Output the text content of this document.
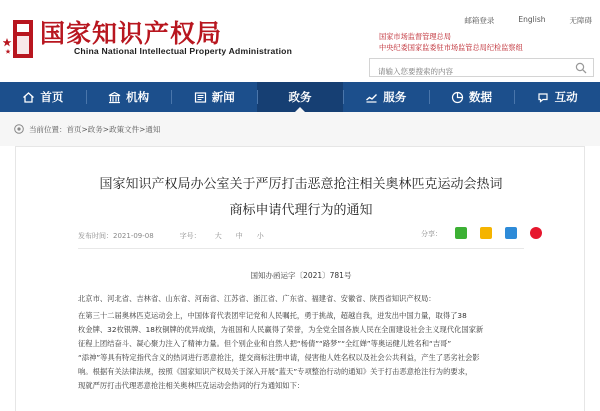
国家知识产权局
China National Intellectual Property Administration
邮箱登录	English	无障碍
国家市场监督管理总局
中央纪委国家监委驻市场监管总局纪检监察组
请输入您要搜索的内容
首页	机构	新闻	政务	服务	数据	互动
当前位置：首页>政务>政策文件>通知
国家知识产权局办公室关于严厉打击恶意抢注相关奥林匹克运动会热词
商标申请代理行为的通知
发布时间：2021-09-08	字号： 大 中 小	分享：
国知办函运字〔2021〕781号
北京市、河北省、吉林省、山东省、河南省、江苏省、浙江省、广东省、福建省、安徽省、陕西省知识产权局：
在第三十二届奥林匹克运动会上，中国体育代表团牢记党和人民嘱托，勇于挑战，超越自我，迸发出中国力量，取得了38
枚金牌、32枚银牌、18枚铜牌的优异成绩，为祖国和人民赢得了荣誉，为全党全国各族人民在全面建设社会主义现代化国家新
征程上团结奋斗、凝心聚力注入了精神力量。但个别企业和自然人把“杨倩”“路梦”“全红婵”等奥运健儿姓名和“吉哥”
“添神”等具有特定指代含义的热词进行恶意抢注，提交商标注册申请，侵害他人姓名权以及社会公共利益，产生了恶劣社会影
响。根据有关法律法规，按照《国家知识产权局关于深入开展“蓝天”专项整治行动的通知》关于打击恶意抢注行为的要求，
现就严厉打击代理恶意抢注相关奥林匹克运动会热词的行为通知如下：
